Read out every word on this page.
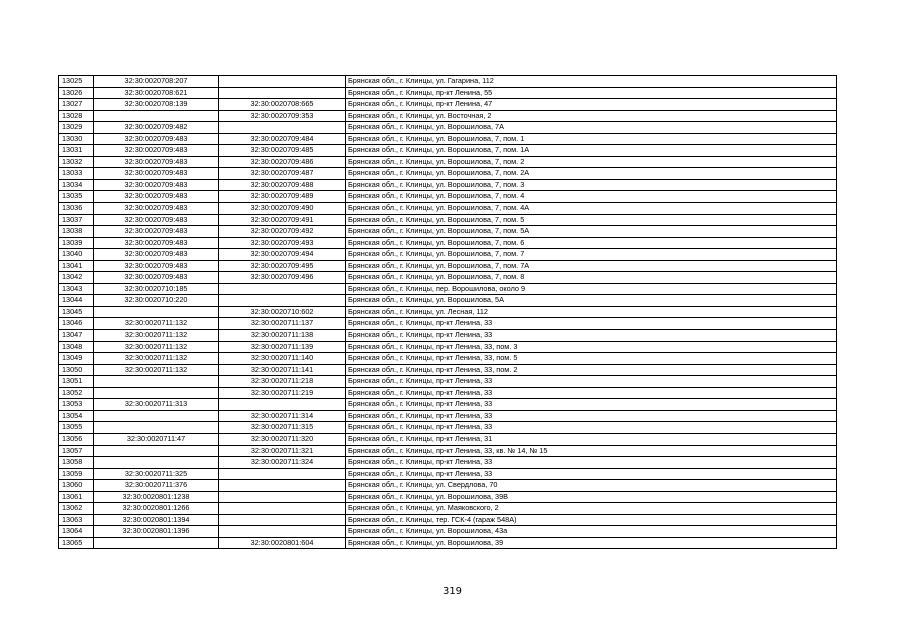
13025	32:30:0020708:207		Брянская обл., г. Клинцы, ул. Гагарина, 112
13026	32:30:0020708:621		Брянская обл., г. Клинцы, пр-кт Ленина, 55
13027	32:30:0020708:139	32:30:0020708:665	Брянская обл., г. Клинцы, пр-кт Ленина, 47
13028		32:30:0020709:353	Брянская обл., г. Клинцы, ул. Восточная, 2
13029	32:30:0020709:482		Брянская обл., г. Клинцы, ул. Ворошилова, 7А
13030	32:30:0020709:483	32:30:0020709:484	Брянская обл., г. Клинцы, ул. Ворошилова, 7, пом. 1
13031	32:30:0020709:483	32:30:0020709:485	Брянская обл., г. Клинцы, ул. Ворошилова, 7, пом. 1А
13032	32:30:0020709:483	32:30:0020709:486	Брянская обл., г. Клинцы, ул. Ворошилова, 7, пом. 2
13033	32:30:0020709:483	32:30:0020709:487	Брянская обл., г. Клинцы, ул. Ворошилова, 7, пом. 2А
13034	32:30:0020709:483	32:30:0020709:488	Брянская обл., г. Клинцы, ул. Ворошилова, 7, пом. 3
13035	32:30:0020709:483	32:30:0020709:489	Брянская обл., г. Клинцы, ул. Ворошилова, 7, пом. 4
13036	32:30:0020709:483	32:30:0020709:490	Брянская обл., г. Клинцы, ул. Ворошилова, 7, пом. 4А
13037	32:30:0020709:483	32:30:0020709:491	Брянская обл., г. Клинцы, ул. Ворошилова, 7, пом. 5
13038	32:30:0020709:483	32:30:0020709:492	Брянская обл., г. Клинцы, ул. Ворошилова, 7, пом. 5А
13039	32:30:0020709:483	32:30:0020709:493	Брянская обл., г. Клинцы, ул. Ворошилова, 7, пом. 6
13040	32:30:0020709:483	32:30:0020709:494	Брянская обл., г. Клинцы, ул. Ворошилова, 7, пом. 7
13041	32:30:0020709:483	32:30:0020709:495	Брянская обл., г. Клинцы, ул. Ворошилова, 7, пом. 7А
13042	32:30:0020709:483	32:30:0020709:496	Брянская обл., г. Клинцы, ул. Ворошилова, 7, пом. 8
13043	32:30:0020710:185		Брянская обл., г. Клинцы, пер. Ворошилова, около 9
13044	32:30:0020710:220		Брянская обл., г. Клинцы, ул. Ворошилова, 5А
13045		32:30:0020710:602	Брянская обл., г. Клинцы, ул. Лесная, 112
13046	32:30:0020711:132	32:30:0020711:137	Брянская обл., г. Клинцы, пр-кт Ленина, 33
13047	32:30:0020711:132	32:30:0020711:138	Брянская обл., г. Клинцы, пр-кт Ленина, 33
13048	32:30:0020711:132	32:30:0020711:139	Брянская обл., г. Клинцы, пр-кт Ленина, 33, пом. 3
13049	32:30:0020711:132	32:30:0020711:140	Брянская обл., г. Клинцы, пр-кт Ленина, 33, пом. 5
13050	32:30:0020711:132	32:30:0020711:141	Брянская обл., г. Клинцы, пр-кт Ленина, 33, пом. 2
13051		32:30:0020711:218	Брянская обл., г. Клинцы, пр-кт Ленина, 33
13052		32:30:0020711:219	Брянская обл., г. Клинцы, пр-кт Ленина, 33
13053	32:30:0020711:313		Брянская обл., г. Клинцы, пр-кт Ленина, 33
13054		32:30:0020711:314	Брянская обл., г. Клинцы, пр-кт Ленина, 33
13055		32:30:0020711:315	Брянская обл., г. Клинцы, пр-кт Ленина, 33
13056	32:30:0020711:47	32:30:0020711:320	Брянская обл., г. Клинцы, пр-кт Ленина, 31
13057		32:30:0020711:321	Брянская обл., г. Клинцы, пр-кт Ленина, 33, кв. № 14, № 15
13058		32:30:0020711:324	Брянская обл., г. Клинцы, пр-кт Ленина, 33
13059	32:30:0020711:325		Брянская обл., г. Клинцы, пр-кт Ленина, 33
13060	32:30:0020711:376		Брянская обл., г. Клинцы, ул. Свердлова, 70
13061	32:30:0020801:1238		Брянская обл., г. Клинцы, ул. Ворошилова, 39В
13062	32:30:0020801:1266		Брянская обл., г. Клинцы, ул. Маяковского, 2
13063	32:30:0020801:1394		Брянская обл., г. Клинцы, тер. ГСК-4 (гараж 548А)
13064	32:30:0020801:1396		Брянская обл., г. Клинцы, ул. Ворошилова, 43а
13065		32:30:0020801:604	Брянская обл., г. Клинцы, ул. Ворошилова, 39
319
